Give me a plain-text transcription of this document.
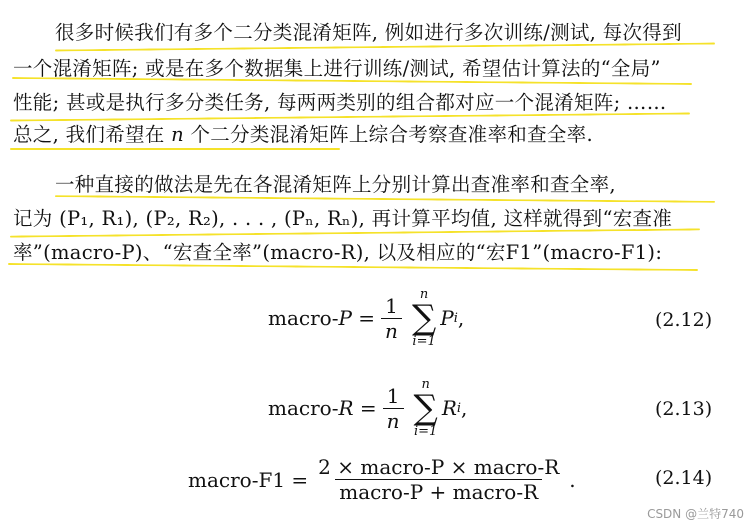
很多时候我们有多个二分类混淆矩阵, 例如进行多次训练/测试, 每次得到
一个混淆矩阵; 或是在多个数据集上进行训练/测试, 希望估计算法的“全局”
性能; 甚或是执行多分类任务, 每两两类别的组合都对应一个混淆矩阵; ……
总之, 我们希望在 n 个二分类混淆矩阵上综合考察查准率和查全率.
一种直接的做法是先在各混淆矩阵上分别计算出查准率和查全率,
记为 (P₁, R₁), (P₂, R₂), . . . , (Pₙ, Rₙ), 再计算平均值, 这样就得到“宏查准
率”(macro-P)、“宏查全率”(macro-R), 以及相应的“宏F1”(macro-F1):
macro- $P = \frac{1}{n}$ n
∑
i=1
P i ,	(2.12)
macro- $R = \frac{1}{n}$ n
∑
i=1
R i ,	(2.13)
macro-F1 = $\frac{\text{2 × macro-P × macro-R}}{\text{macro-P + macro-R}}$ .	(2.14)
CSDN @兰特740
